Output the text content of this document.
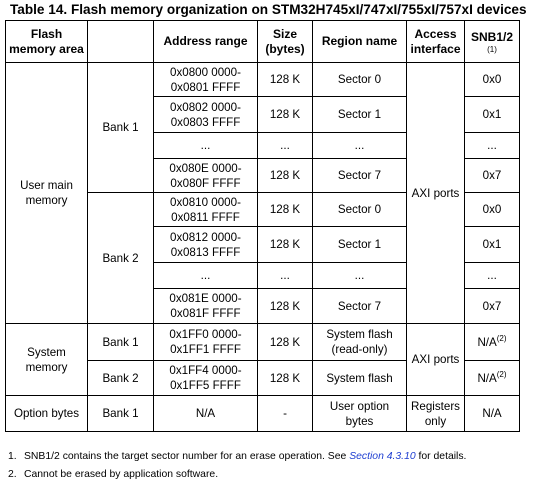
Table 14. Flash memory organization on STM32H745xI/747xI/755xI/757xI devices
Flash memory area		Address range	Size
(bytes)	Region name	Access
interface	SNB1/2
(1)

User main memory	Bank 1	0x0800 0000-
0x0801 FFFF	128 K	Sector 0	AXI ports	0x0
		0x0802 0000-
0x0803 FFFF	128 K	Sector 1		0x1
		...	...	...		...
		0x080E 0000-
0x080F FFFF	128 K	Sector 7		0x7
	Bank 2	0x0810 0000-
0x0811 FFFF	128 K	Sector 0		0x0
		0x0812 0000-
0x0813 FFFF	128 K	Sector 1		0x1
		...	...	...		...
		0x081E 0000-
0x081F FFFF	128 K	Sector 7		0x7
System
memory	Bank 1	0x1FF0 0000-
0x1FF1 FFFF	128 K	System flash
(read-only)	AXI ports	$N/A^{(2)}$
	Bank 2	0x1FF4 0000-
0x1FF5 FFFF	128 K	System flash		$N/A^{(2)}$
Option bytes	Bank 1	N/A	-	User option
bytes	Registers
only	N/A
1. SNB1/2 contains the target sector number for an erase operation. See Section 4.3.10 for details.
2. Cannot be erased by application software.
